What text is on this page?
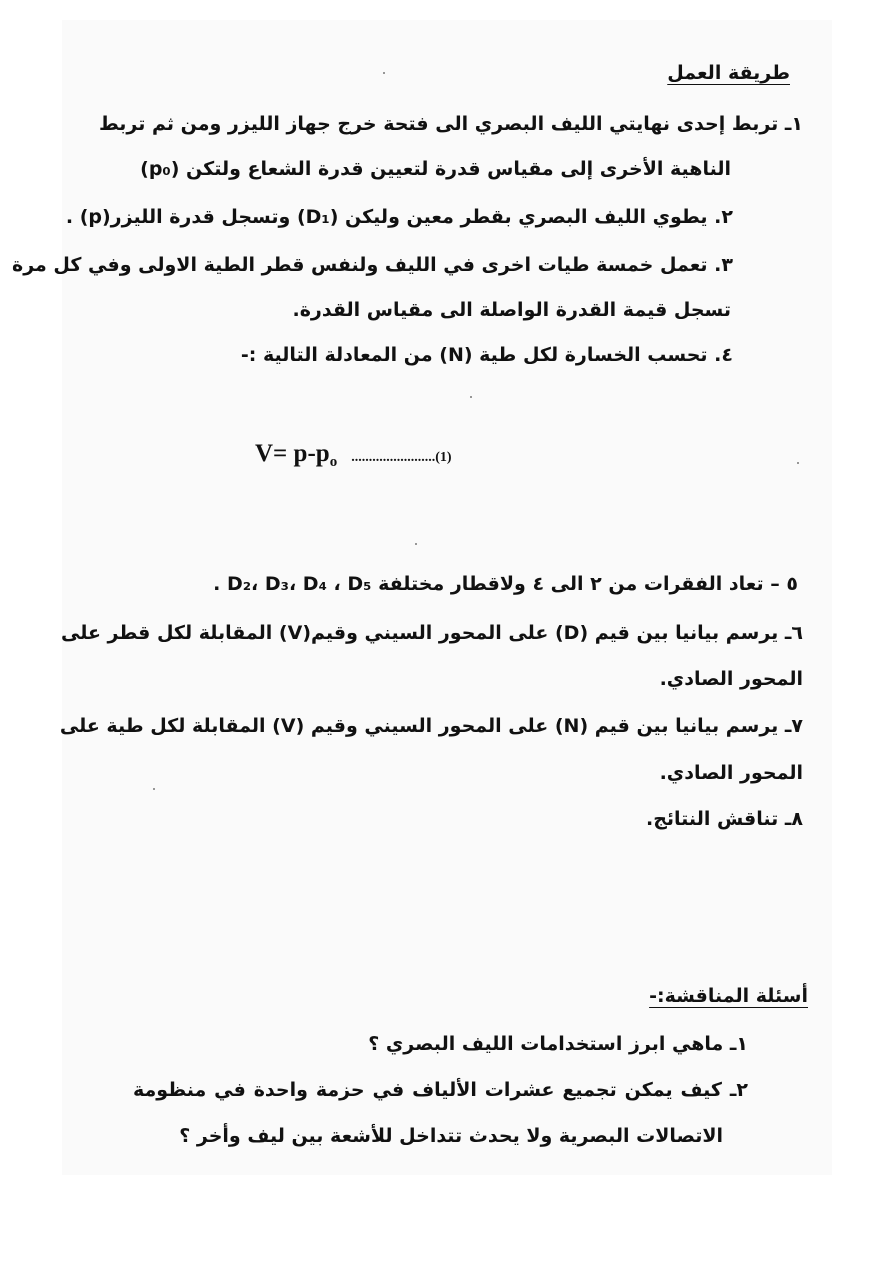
طريقة العمل
١ـ تربط إحدى نهايتي الليف البصري الى فتحة خرج جهاز الليزر ومن ثم تربط
الناهية الأخرى إلى مقياس قدرة لتعيين قدرة الشعاع ولتكن (p₀)
٢. يطوي الليف البصري بقطر معين وليكن (D₁) وتسجل قدرة الليزر(p) .
٣. تعمل خمسة طيات اخرى في الليف ولنفس قطر الطية الاولى وفي كل مرة
تسجل قيمة القدرة الواصلة الى مقياس القدرة.
٤. تحسب الخسارة لكل طية (N) من المعادلة التالية :-
$V= p-p_o$ ........................(1)
٥ – تعاد الفقرات من ٢ الى ٤ ولاقطار مختلفة D₂، D₃، D₄ ، D₅ .
٦ـ يرسم بيانيا بين قيم (D) على المحور السيني وقيم(V) المقابلة لكل قطر على
المحور الصادي.
٧ـ يرسم بيانيا بين قيم (N) على المحور السيني وقيم (V) المقابلة لكل طية على
المحور الصادي.
٨ـ تناقش النتائج.
أسئلة المناقشة:-
١ـ ماهي ابرز استخدامات الليف البصري ؟
٢ـ كيف يمكن تجميع عشرات الألياف في حزمة واحدة في منظومة
الاتصالات البصرية ولا يحدث تتداخل للأشعة بين ليف وأخر ؟
